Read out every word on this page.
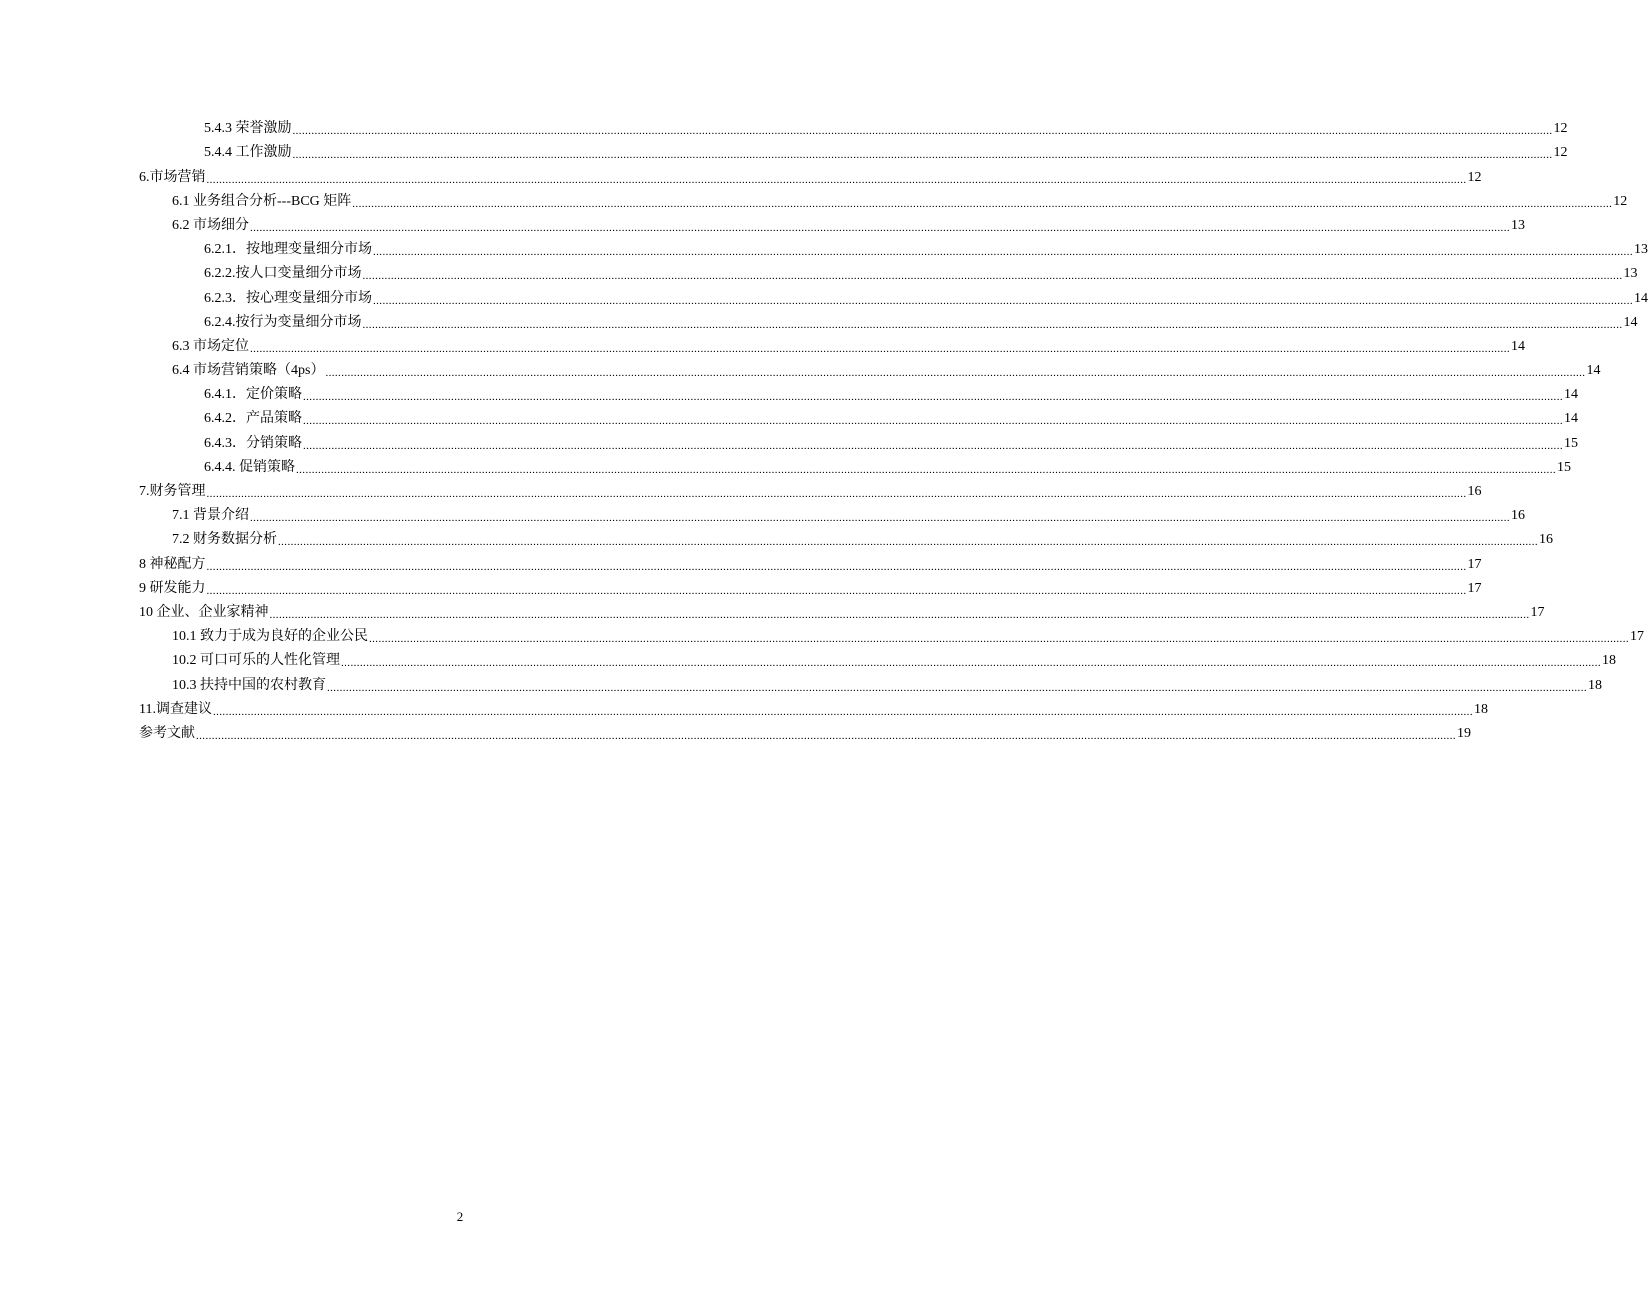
5.4.3 荣誉激励 ................................................................................................................................................................................................................................................................................................................................................................................................................ 12
5.4.4 工作激励 ................................................................................................................................................................................................................................................................................................................................................................................................................ 12
6.市场营销 ................................................................................................................................................................................................................................................................................................................................................................................................................ 12
6.1 业务组合分析---BCG 矩阵 ................................................................................................................................................................................................................................................................................................................................................................................................................ 12
6.2 市场细分 ................................................................................................................................................................................................................................................................................................................................................................................................................ 13
6.2.1．按地理变量细分市场 ................................................................................................................................................................................................................................................................................................................................................................................................................ 13
6.2.2.按人口变量细分市场 ................................................................................................................................................................................................................................................................................................................................................................................................................ 13
6.2.3．按心理变量细分市场 ................................................................................................................................................................................................................................................................................................................................................................................................................ 14
6.2.4.按行为变量细分市场 ................................................................................................................................................................................................................................................................................................................................................................................................................ 14
6.3 市场定位 ................................................................................................................................................................................................................................................................................................................................................................................................................ 14
6.4 市场营销策略（4ps） ................................................................................................................................................................................................................................................................................................................................................................................................................ 14
6.4.1．定价策略 ................................................................................................................................................................................................................................................................................................................................................................................................................ 14
6.4.2．产品策略 ................................................................................................................................................................................................................................................................................................................................................................................................................ 14
6.4.3．分销策略 ................................................................................................................................................................................................................................................................................................................................................................................................................ 15
6.4.4. 促销策略 ................................................................................................................................................................................................................................................................................................................................................................................................................ 15
7.财务管理 ................................................................................................................................................................................................................................................................................................................................................................................................................ 16
7.1 背景介绍 ................................................................................................................................................................................................................................................................................................................................................................................................................ 16
7.2 财务数据分析 ................................................................................................................................................................................................................................................................................................................................................................................................................ 16
8 神秘配方 ................................................................................................................................................................................................................................................................................................................................................................................................................ 17
9 研发能力 ................................................................................................................................................................................................................................................................................................................................................................................................................ 17
10 企业、企业家精神 ................................................................................................................................................................................................................................................................................................................................................................................................................ 17
10.1 致力于成为良好的企业公民 ................................................................................................................................................................................................................................................................................................................................................................................................................ 17
10.2 可口可乐的人性化管理 ................................................................................................................................................................................................................................................................................................................................................................................................................ 18
10.3 扶持中国的农村教育 ................................................................................................................................................................................................................................................................................................................................................................................................................ 18
11.调查建议 ................................................................................................................................................................................................................................................................................................................................................................................................................ 18
参考文献 ................................................................................................................................................................................................................................................................................................................................................................................................................ 19
2
